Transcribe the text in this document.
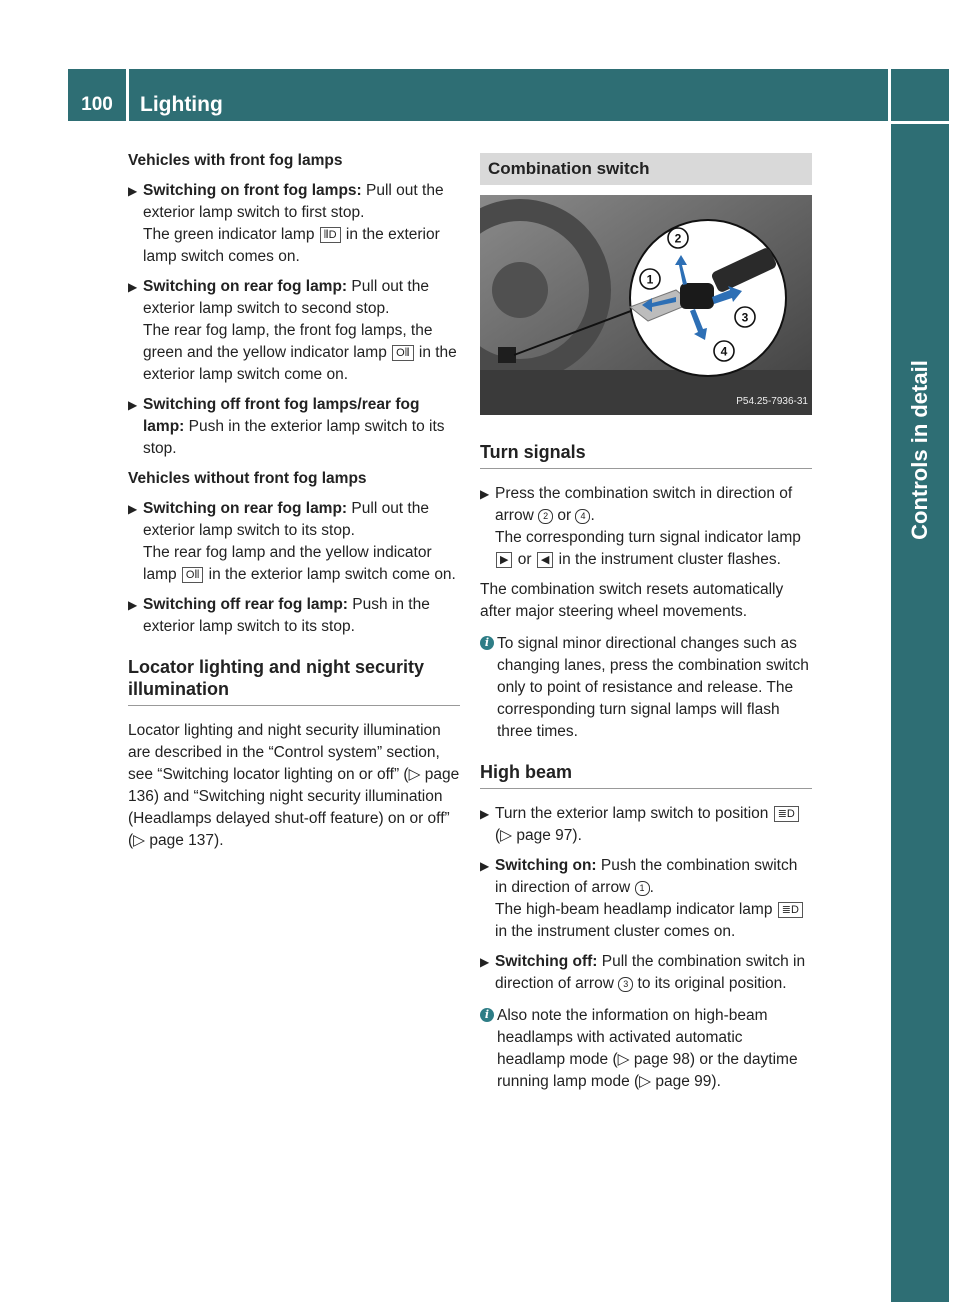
100	Lighting
Controls in detail

Vehicles with front fog lamps

▶ Switching on front fog lamps: Pull out the exterior lamp switch to first stop.
The green indicator lamp ⦀D in the exterior lamp switch comes on.
▶ Switching on rear fog lamp: Pull out the exterior lamp switch to second stop.
The rear fog lamp, the front fog lamps, the green and the yellow indicator lamp O⦀ in the exterior lamp switch come on.
▶ Switching off front fog lamps/rear fog lamp: Push in the exterior lamp switch to its stop.

Vehicles without front fog lamps

▶ Switching on rear fog lamp: Pull out the exterior lamp switch to its stop.
The rear fog lamp and the yellow indicator lamp O⦀ in the exterior lamp switch come on.
▶ Switching off rear fog lamp: Push in the exterior lamp switch to its stop.
Locator lighting and night security illumination

Locator lighting and night security illumination are described in the “Control system” section, see “Switching locator lighting on or off” (▷ page 136) and “Switching night security illumination (Headlamps delayed shut-off feature) on or off” (▷ page 137).

Combination switch
1
2
3
4
P54.25-7936-31
Turn signals
▶ Press the combination switch in direction of arrow 2 or 4 .
The corresponding turn signal indicator lamp ▶ or ◀ in the instrument cluster flashes.

The combination switch resets automatically after major steering wheel movements.

i To signal minor directional changes such as changing lanes, press the combination switch only to point of resistance and release. The corresponding turn signal lamps will flash three times.
High beam
▶ Turn the exterior lamp switch to position ≣D (▷ page 97).
▶ Switching on: Push the combination switch in direction of arrow 1 .
The high-beam headlamp indicator lamp ≣D in the instrument cluster comes on.
▶ Switching off: Pull the combination switch in direction of arrow 3 to its original position.
i Also note the information on high-beam headlamps with activated automatic headlamp mode (▷ page 98) or the daytime running lamp mode (▷ page 99).
